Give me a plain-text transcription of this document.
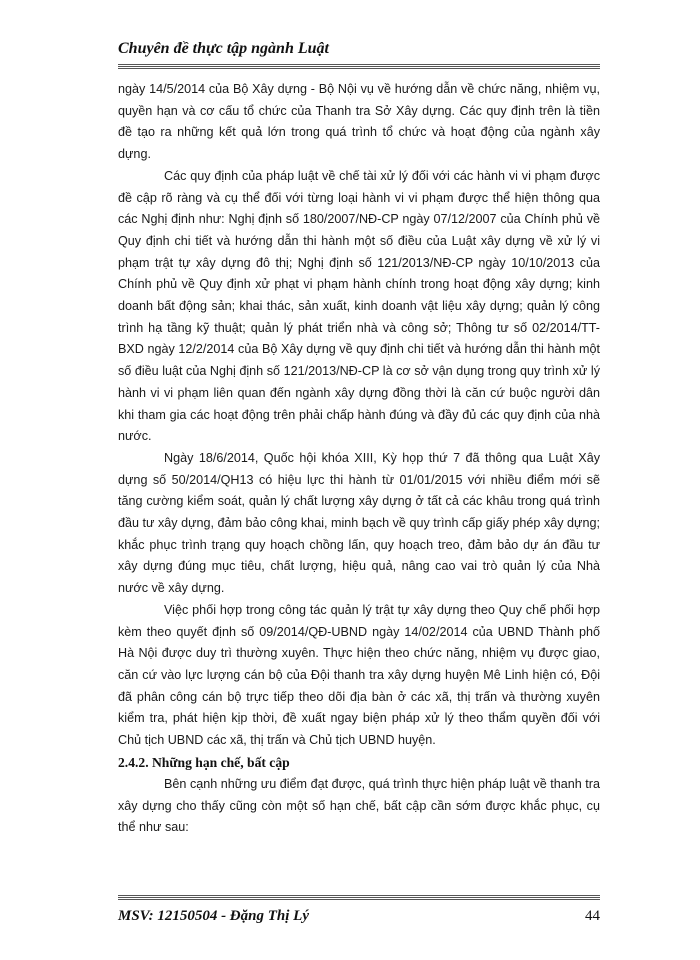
Chuyên đề thực tập ngành Luật

ngày 14/5/2014 của Bộ Xây dựng - Bộ Nội vụ về hướng dẫn về chức năng, nhiệm vụ, quyền hạn và cơ cấu tổ chức của Thanh tra Sở Xây dựng. Các quy định trên là tiền đề tạo ra những kết quả lớn trong quá trình tổ chức và hoạt động của ngành xây dựng.

Các quy định của pháp luật về chế tài xử lý đối với các hành vi vi phạm được đề cập rõ ràng và cụ thể đối với từng loại hành vi vi phạm được thể hiện thông qua các Nghị định như: Nghị định số 180/2007/NĐ-CP ngày 07/12/2007 của Chính phủ về Quy định chi tiết và hướng dẫn thi hành một số điều của Luật xây dựng về xử lý vi phạm trật tự xây dựng đô thị; Nghị định số 121/2013/NĐ-CP ngày 10/10/2013 của Chính phủ về Quy định xử phạt vi phạm hành chính trong hoạt động xây dựng; kinh doanh bất động sản; khai thác, sản xuất, kinh doanh vật liệu xây dựng; quản lý công trình hạ tầng kỹ thuật; quản lý phát triển nhà và công sở; Thông tư số 02/2014/TT-BXD ngày 12/2/2014 của Bộ Xây dựng về quy định chi tiết và hướng dẫn thi hành một số điều luật của Nghị định số 121/2013/NĐ-CP là cơ sở vận dụng trong quy trình xử lý hành vi vi phạm liên quan đến ngành xây dựng đồng thời là căn cứ buộc người dân khi tham gia các hoạt động trên phải chấp hành đúng và đầy đủ các quy định của nhà nước.

Ngày 18/6/2014, Quốc hội khóa XIII, Kỳ họp thứ 7 đã thông qua Luật Xây dựng số 50/2014/QH13 có hiệu lực thi hành từ 01/01/2015 với nhiều điểm mới sẽ tăng cường kiểm soát, quản lý chất lượng xây dựng ở tất cả các khâu trong quá trình đầu tư xây dựng, đảm bảo công khai, minh bạch về quy trình cấp giấy phép xây dựng; khắc phục trình trạng quy hoạch chồng lấn, quy hoạch treo, đảm bảo dự án đầu tư xây dựng đúng mục tiêu, chất lượng, hiệu quả, nâng cao vai trò quản lý của Nhà nước về xây dựng.

Việc phối hợp trong công tác quản lý trật tự xây dựng theo Quy chế phối hợp kèm theo quyết định số 09/2014/QĐ-UBND ngày 14/02/2014 của UBND Thành phố Hà Nội được duy trì thường xuyên. Thực hiện theo chức năng, nhiệm vụ được giao, căn cứ vào lực lượng cán bộ của Đội thanh tra xây dựng huyện Mê Linh hiện có, Đội đã phân công cán bộ trực tiếp theo dõi địa bàn ở các xã, thị trấn và thường xuyên kiểm tra, phát hiện kịp thời, đề xuất ngay biện pháp xử lý theo thẩm quyền đối với Chủ tịch UBND các xã, thị trấn và Chủ tịch UBND huyện.

2.4.2. Những hạn chế, bất cập

Bên cạnh những ưu điểm đạt được, quá trình thực hiện pháp luật về thanh tra xây dựng cho thấy cũng còn một số hạn chế, bất cập cần sớm được khắc phục, cụ thể như sau:

MSV: 12150504 - Đặng Thị Lý	44
